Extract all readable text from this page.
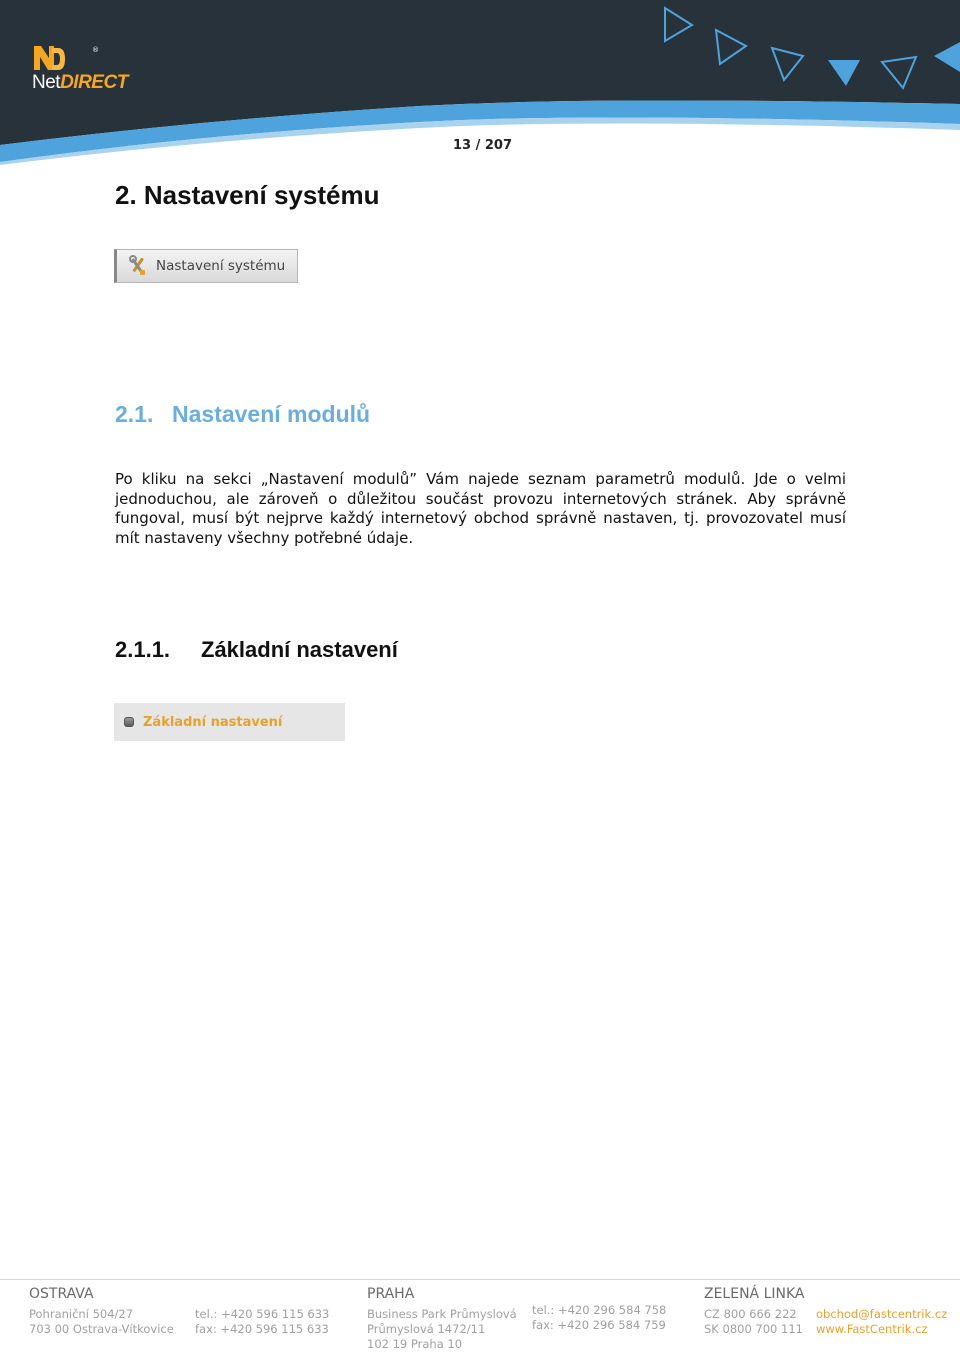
®
NetDIRECT
13 / 207
2. Nastavení systému
Nastavení systému
2.1. Nastavení modulů

Po kliku na sekci „Nastavení modulů” Vám najede seznam parametrů modulů. Jde o velmi jednoduchou, ale zároveň o důležitou součást provozu internetových stránek. Aby správně fungoval, musí být nejprve každý internetový obchod správně nastaven, tj. provozovatel musí mít nastaveny všechny potřebné údaje.

2.1.1. Základní nastavení
Základní nastavení
OSTRAVA
Pohraniční 504/27
703 00 Ostrava-Vítkovice
tel.: +420 596 115 633
fax: +420 596 115 633
PRAHA
Business Park Průmyslová
Průmyslová 1472/11
102 19 Praha 10
tel.: +420 296 584 758
fax: +420 296 584 759
ZELENÁ LINKA
CZ 800 666 222
SK 0800 700 111
obchod@fastcentrik.cz
www.FastCentrik.cz
